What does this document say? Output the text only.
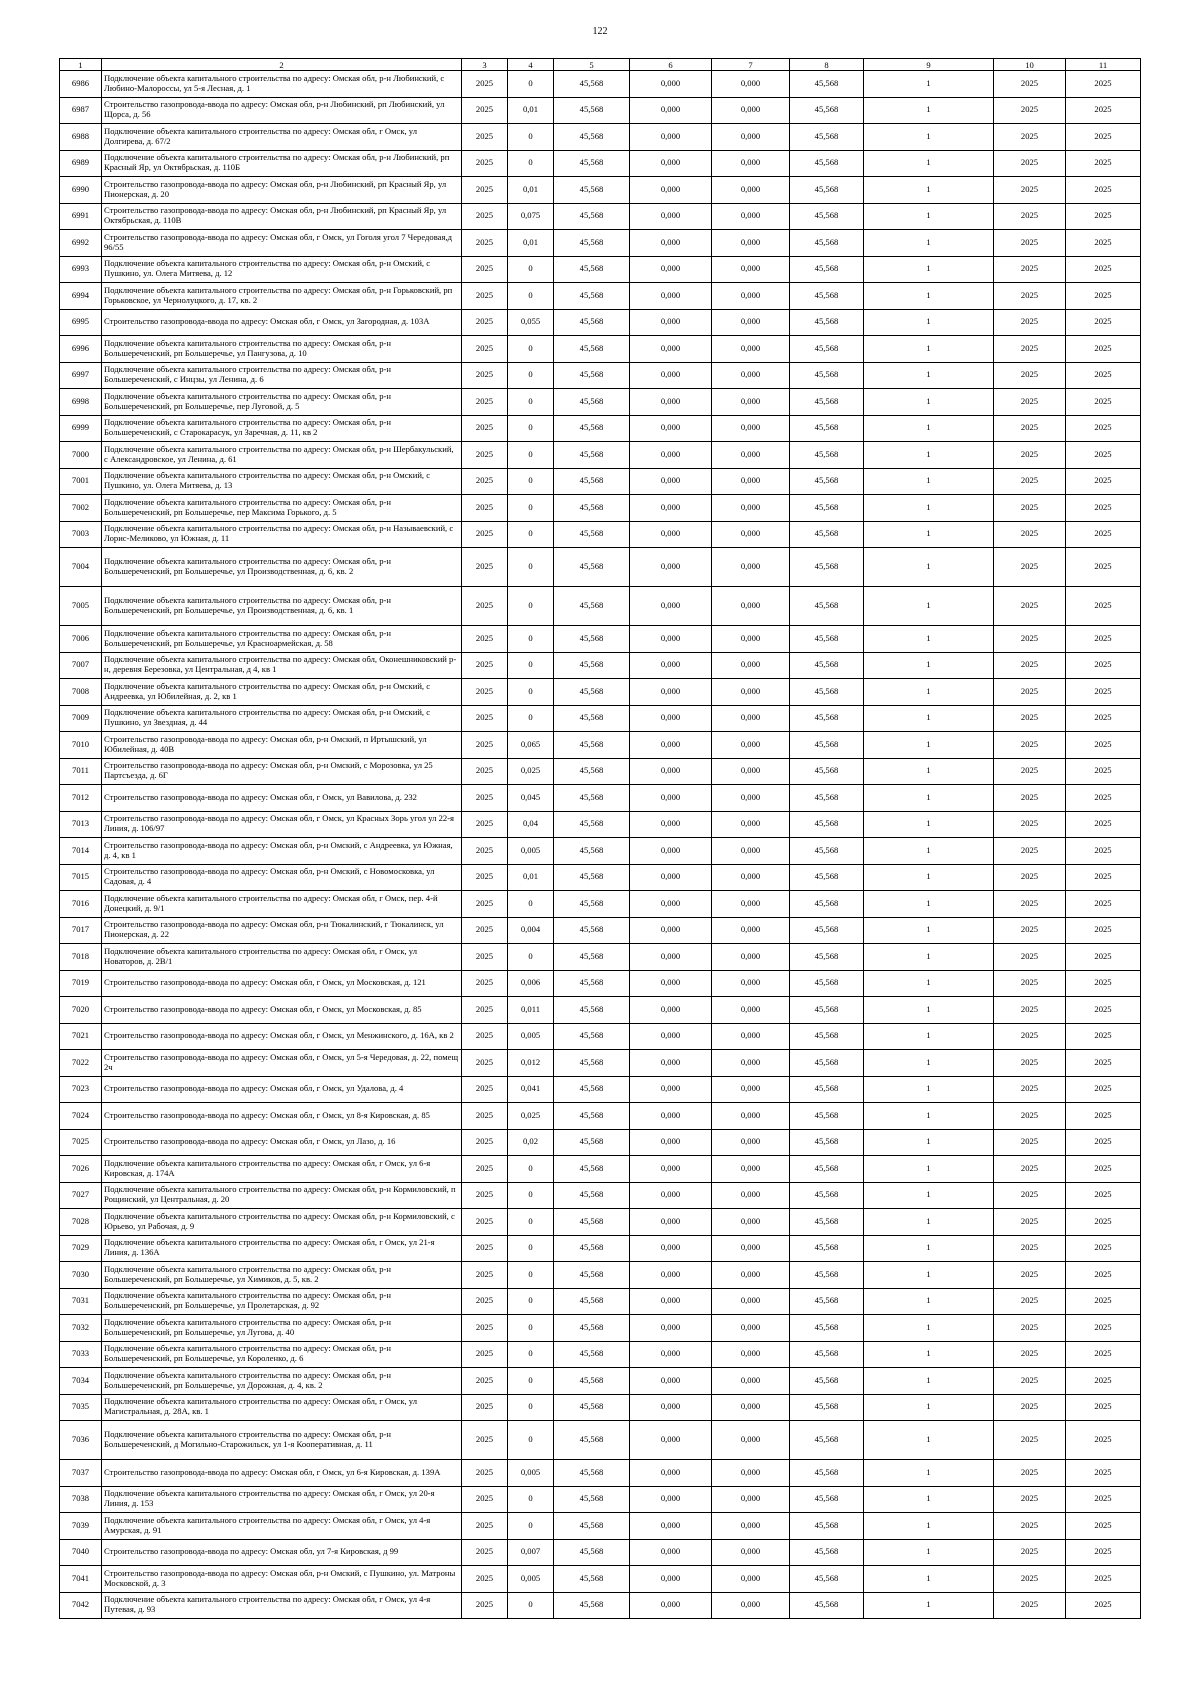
122
1	2	3	4	5	6	7	8	9	10	11
6986	Подключение объекта капитального строительства по адресу: Омская обл, р-н Любинский, с Любино-Малороссы, ул 5-я Лесная, д. 1	2025	0	45,568	0,000	0,000	45,568	1	2025	2025
6987	Строительство газопровода-ввода по адресу: Омская обл, р-н Любинский, рп Любинский, ул Щорса, д. 56	2025	0,01	45,568	0,000	0,000	45,568	1	2025	2025
6988	Подключение объекта капитального строительства по адресу: Омская обл, г Омск, ул Долгирева, д. 67/2	2025	0	45,568	0,000	0,000	45,568	1	2025	2025
6989	Подключение объекта капитального строительства по адресу: Омская обл, р-н Любинский, рп Красный Яр, ул Октябрьская, д. 110Б	2025	0	45,568	0,000	0,000	45,568	1	2025	2025
6990	Строительство газопровода-ввода по адресу: Омская обл, р-н Любинский, рп Красный Яр, ул Пионерская, д. 20	2025	0,01	45,568	0,000	0,000	45,568	1	2025	2025
6991	Строительство газопровода-ввода по адресу: Омская обл, р-н Любинский, рп Красный Яр, ул Октябрьская, д. 110В	2025	0,075	45,568	0,000	0,000	45,568	1	2025	2025
6992	Строительство газопровода-ввода по адресу: Омская обл, г Омск, ул Гоголя угол 7 Чередовая,д 96/55	2025	0,01	45,568	0,000	0,000	45,568	1	2025	2025
6993	Подключение объекта капитального строительства по адресу: Омская обл, р-н Омский, с Пушкино, ул. Олега Митяева, д. 12	2025	0	45,568	0,000	0,000	45,568	1	2025	2025
6994	Подключение объекта капитального строительства по адресу: Омская обл, р-н Горьковский, рп Горьковское, ул Чернолуцкого, д. 17, кв. 2	2025	0	45,568	0,000	0,000	45,568	1	2025	2025
6995	Строительство газопровода-ввода по адресу: Омская обл, г Омск, ул Загородная, д. 103А	2025	0,055	45,568	0,000	0,000	45,568	1	2025	2025
6996	Подключение объекта капитального строительства по адресу: Омская обл, р-н Большереченский, рп Большеречье, ул Пангузова, д. 10	2025	0	45,568	0,000	0,000	45,568	1	2025	2025
6997	Подключение объекта капитального строительства по адресу: Омская обл, р-н Большереченский, с Инцзы, ул Ленина, д. 6	2025	0	45,568	0,000	0,000	45,568	1	2025	2025
6998	Подключение объекта капитального строительства по адресу: Омская обл, р-н Большереченский, рп Большеречье, пер Луговой, д. 5	2025	0	45,568	0,000	0,000	45,568	1	2025	2025
6999	Подключение объекта капитального строительства по адресу: Омская обл, р-н Большереченский, с Старокарасук, ул Заречная, д. 11, кв 2	2025	0	45,568	0,000	0,000	45,568	1	2025	2025
7000	Подключение объекта капитального строительства по адресу: Омская обл, р-н Шербакульский, с Александровское, ул Ленина, д. 61	2025	0	45,568	0,000	0,000	45,568	1	2025	2025
7001	Подключение объекта капитального строительства по адресу: Омская обл, р-н Омский, с Пушкино, ул. Олега Митяева, д. 13	2025	0	45,568	0,000	0,000	45,568	1	2025	2025
7002	Подключение объекта капитального строительства по адресу: Омская обл, р-н Большереченский, рп Большеречье, пер Максима Горького, д. 5	2025	0	45,568	0,000	0,000	45,568	1	2025	2025
7003	Подключение объекта капитального строительства по адресу: Омская обл, р-н Называевский, с Лорис-Меликово, ул Южная, д. 11	2025	0	45,568	0,000	0,000	45,568	1	2025	2025
7004	Подключение объекта капитального строительства по адресу: Омская обл, р-н Большереченский, рп Большеречье, ул Производственная, д. 6, кв. 2	2025	0	45,568	0,000	0,000	45,568	1	2025	2025
7005	Подключение объекта капитального строительства по адресу: Омская обл, р-н Большереченский, рп Большеречье, ул Производственная, д. 6, кв. 1	2025	0	45,568	0,000	0,000	45,568	1	2025	2025
7006	Подключение объекта капитального строительства по адресу: Омская обл, р-н Большереченский, рп Большеречье, ул Красноармейская, д. 58	2025	0	45,568	0,000	0,000	45,568	1	2025	2025
7007	Подключение объекта капитального строительства по адресу: Омская обл, Оконешниковский р-н, деревня Березовка, ул Центральная, д 4, кв 1	2025	0	45,568	0,000	0,000	45,568	1	2025	2025
7008	Подключение объекта капитального строительства по адресу: Омская обл, р-н Омский, с Андреевка, ул Юбилейная, д. 2, кв 1	2025	0	45,568	0,000	0,000	45,568	1	2025	2025
7009	Подключение объекта капитального строительства по адресу: Омская обл, р-н Омский, с Пушкино, ул Звездная, д. 44	2025	0	45,568	0,000	0,000	45,568	1	2025	2025
7010	Строительство газопровода-ввода по адресу: Омская обл, р-н Омский, п Иртышский, ул Юбилейная, д. 40В	2025	0,065	45,568	0,000	0,000	45,568	1	2025	2025
7011	Строительство газопровода-ввода по адресу: Омская обл, р-н Омский, с Морозовка, ул 25 Партсъезда, д. 6Г	2025	0,025	45,568	0,000	0,000	45,568	1	2025	2025
7012	Строительство газопровода-ввода по адресу: Омская обл, г Омск, ул Вавилова, д. 232	2025	0,045	45,568	0,000	0,000	45,568	1	2025	2025
7013	Строительство газопровода-ввода по адресу: Омская обл, г Омск, ул Красных Зорь угол ул 22-я Линия, д. 106/97	2025	0,04	45,568	0,000	0,000	45,568	1	2025	2025
7014	Строительство газопровода-ввода по адресу: Омская обл, р-н Омский, с Андреевка, ул Южная, д. 4, кв 1	2025	0,005	45,568	0,000	0,000	45,568	1	2025	2025
7015	Строительство газопровода-ввода по адресу: Омская обл, р-н Омский, с Новомосковка, ул Садовая, д. 4	2025	0,01	45,568	0,000	0,000	45,568	1	2025	2025
7016	Подключение объекта капитального строительства по адресу: Омская обл, г Омск, пер. 4-й Донецкий, д. 9/1	2025	0	45,568	0,000	0,000	45,568	1	2025	2025
7017	Строительство газопровода-ввода по адресу: Омская обл, р-н Тюкалинский, г Тюкалинск, ул Пионерская, д. 22	2025	0,004	45,568	0,000	0,000	45,568	1	2025	2025
7018	Подключение объекта капитального строительства по адресу: Омская обл, г Омск, ул Новаторов, д. 2В/1	2025	0	45,568	0,000	0,000	45,568	1	2025	2025
7019	Строительство газопровода-ввода по адресу: Омская обл, г Омск, ул Московская, д. 121	2025	0,006	45,568	0,000	0,000	45,568	1	2025	2025
7020	Строительство газопровода-ввода по адресу: Омская обл, г Омск, ул Московская, д. 85	2025	0,011	45,568	0,000	0,000	45,568	1	2025	2025
7021	Строительство газопровода-ввода по адресу: Омская обл, г Омск, ул Менжинского, д. 16А, кв 2	2025	0,005	45,568	0,000	0,000	45,568	1	2025	2025
7022	Строительство газопровода-ввода по адресу: Омская обл, г Омск, ул 5-я Чередовая, д. 22, помещ 2ч	2025	0,012	45,568	0,000	0,000	45,568	1	2025	2025
7023	Строительство газопровода-ввода по адресу: Омская обл, г Омск, ул Удалова, д. 4	2025	0,041	45,568	0,000	0,000	45,568	1	2025	2025
7024	Строительство газопровода-ввода по адресу: Омская обл, г Омск, ул 8-я Кировская, д. 85	2025	0,025	45,568	0,000	0,000	45,568	1	2025	2025
7025	Строительство газопровода-ввода по адресу: Омская обл, г Омск, ул Лазо, д. 16	2025	0,02	45,568	0,000	0,000	45,568	1	2025	2025
7026	Подключение объекта капитального строительства по адресу: Омская обл, г Омск, ул 6-я Кировская, д. 174А	2025	0	45,568	0,000	0,000	45,568	1	2025	2025
7027	Подключение объекта капитального строительства по адресу: Омская обл, р-н Кормиловский, п Рощинский, ул Центральная, д. 20	2025	0	45,568	0,000	0,000	45,568	1	2025	2025
7028	Подключение объекта капитального строительства по адресу: Омская обл, р-н Кормиловский, с Юрьево, ул Рабочая, д. 9	2025	0	45,568	0,000	0,000	45,568	1	2025	2025
7029	Подключение объекта капитального строительства по адресу: Омская обл, г Омск, ул 21-я Линия, д. 136А	2025	0	45,568	0,000	0,000	45,568	1	2025	2025
7030	Подключение объекта капитального строительства по адресу: Омская обл, р-н Большереченский, рп Большеречье, ул Химиков, д. 5, кв. 2	2025	0	45,568	0,000	0,000	45,568	1	2025	2025
7031	Подключение объекта капитального строительства по адресу: Омская обл, р-н Большереченский, рп Большеречье, ул Пролетарская, д. 92	2025	0	45,568	0,000	0,000	45,568	1	2025	2025
7032	Подключение объекта капитального строительства по адресу: Омская обл, р-н Большереченский, рп Большеречье, ул Лугова, д. 40	2025	0	45,568	0,000	0,000	45,568	1	2025	2025
7033	Подключение объекта капитального строительства по адресу: Омская обл, р-н Большереченский, рп Большеречье, ул Короленко, д. 6	2025	0	45,568	0,000	0,000	45,568	1	2025	2025
7034	Подключение объекта капитального строительства по адресу: Омская обл, р-н Большереченский, рп Большеречье, ул Дорожная, д. 4, кв. 2	2025	0	45,568	0,000	0,000	45,568	1	2025	2025
7035	Подключение объекта капитального строительства по адресу: Омская обл, г Омск, ул Магистральная, д. 28А, кв. 1	2025	0	45,568	0,000	0,000	45,568	1	2025	2025
7036	Подключение объекта капитального строительства по адресу: Омская обл, р-н Большереченский, д Могильно-Старожильск, ул 1-я Кооперативная, д. 11	2025	0	45,568	0,000	0,000	45,568	1	2025	2025
7037	Строительство газопровода-ввода по адресу: Омская обл, г Омск, ул 6-я Кировская, д. 139А	2025	0,005	45,568	0,000	0,000	45,568	1	2025	2025
7038	Подключение объекта капитального строительства по адресу: Омская обл, г Омск, ул 20-я Линия, д. 153	2025	0	45,568	0,000	0,000	45,568	1	2025	2025
7039	Подключение объекта капитального строительства по адресу: Омская обл, г Омск, ул 4-я Амурская, д. 91	2025	0	45,568	0,000	0,000	45,568	1	2025	2025
7040	Строительство газопровода-ввода по адресу: Омская обл, ул 7-я Кировская, д 99	2025	0,007	45,568	0,000	0,000	45,568	1	2025	2025
7041	Строительство газопровода-ввода по адресу: Омская обл, р-н Омский, с Пушкино, ул. Матроны Московской, д. 3	2025	0,005	45,568	0,000	0,000	45,568	1	2025	2025
7042	Подключение объекта капитального строительства по адресу: Омская обл, г Омск, ул 4-я Путевая, д. 93	2025	0	45,568	0,000	0,000	45,568	1	2025	2025
